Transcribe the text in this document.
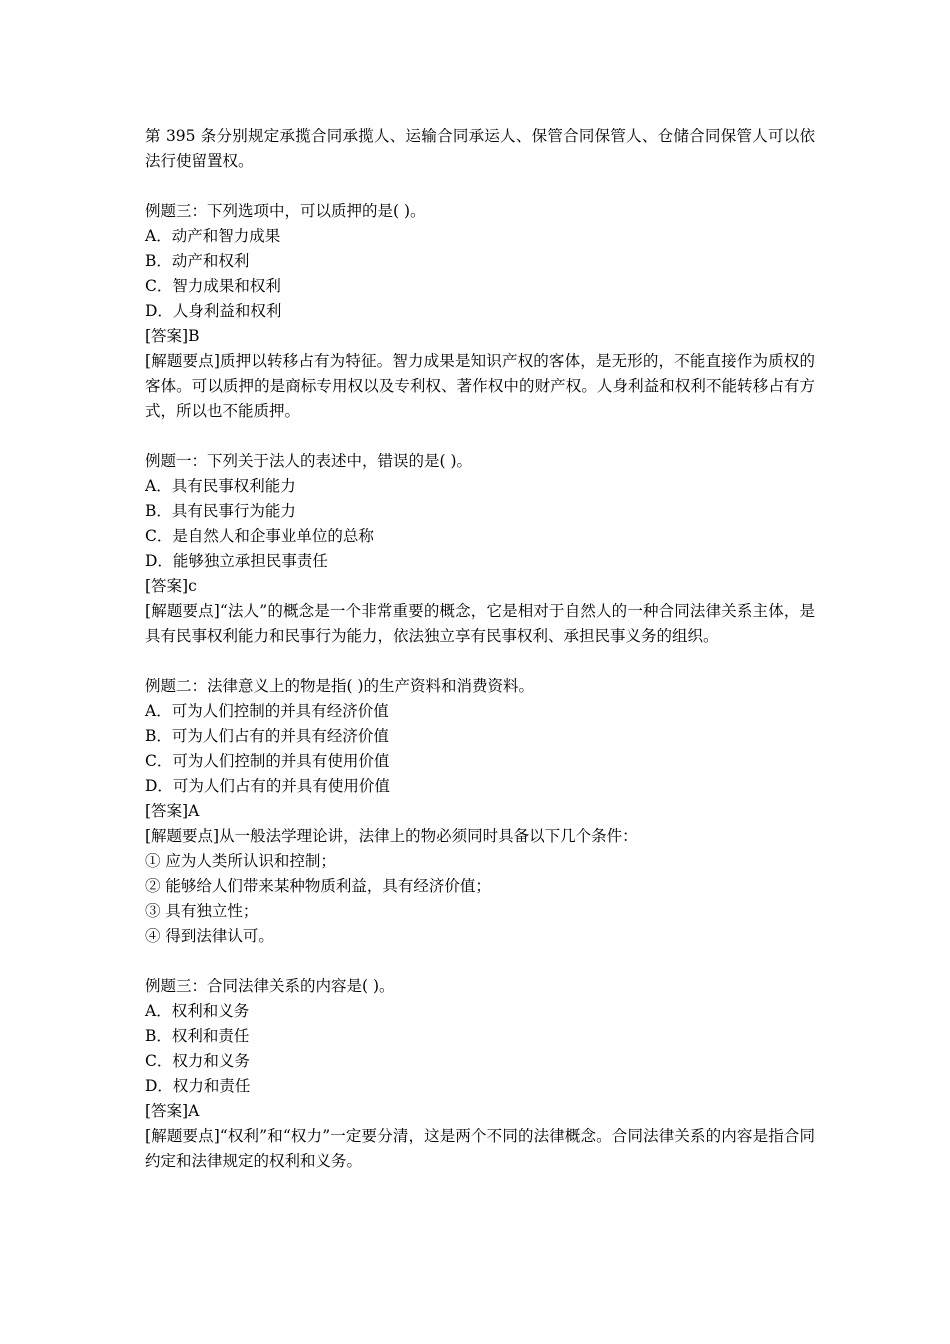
第 395 条分别规定承揽合同承揽人、运输合同承运人、保管合同保管人、仓储合同保管人可以依法行使留置权。

例题三：下列选项中，可以质押的是( )。

A．动产和智力成果

B．动产和权利

C．智力成果和权利

D．人身利益和权利

[答案]B

[解题要点]质押以转移占有为特征。智力成果是知识产权的客体，是无形的，不能直接作为质权的客体。可以质押的是商标专用权以及专利权、著作权中的财产权。人身利益和权利不能转移占有方式，所以也不能质押。

例题一：下列关于法人的表述中，错误的是( )。

A．具有民事权利能力

B．具有民事行为能力

C．是自然人和企事业单位的总称

D．能够独立承担民事责任

[答案]c

[解题要点]“法人”的概念是一个非常重要的概念，它是相对于自然人的一种合同法律关系主体，是具有民事权利能力和民事行为能力，依法独立享有民事权利、承担民事义务的组织。

例题二：法律意义上的物是指( )的生产资料和消费资料。

A．可为人们控制的并具有经济价值

B．可为人们占有的并具有经济价值

C．可为人们控制的并具有使用价值

D．可为人们占有的并具有使用价值

[答案]A

[解题要点]从一般法学理论讲，法律上的物必须同时具备以下几个条件：

① 应为人类所认识和控制；

② 能够给人们带来某种物质利益，具有经济价值；

③ 具有独立性；

④ 得到法律认可。

例题三：合同法律关系的内容是( )。

A．权利和义务

B．权利和责任

C．权力和义务

D．权力和责任

[答案]A

[解题要点]“权利”和“权力”一定要分清，这是两个不同的法律概念。合同法律关系的内容是指合同约定和法律规定的权利和义务。
